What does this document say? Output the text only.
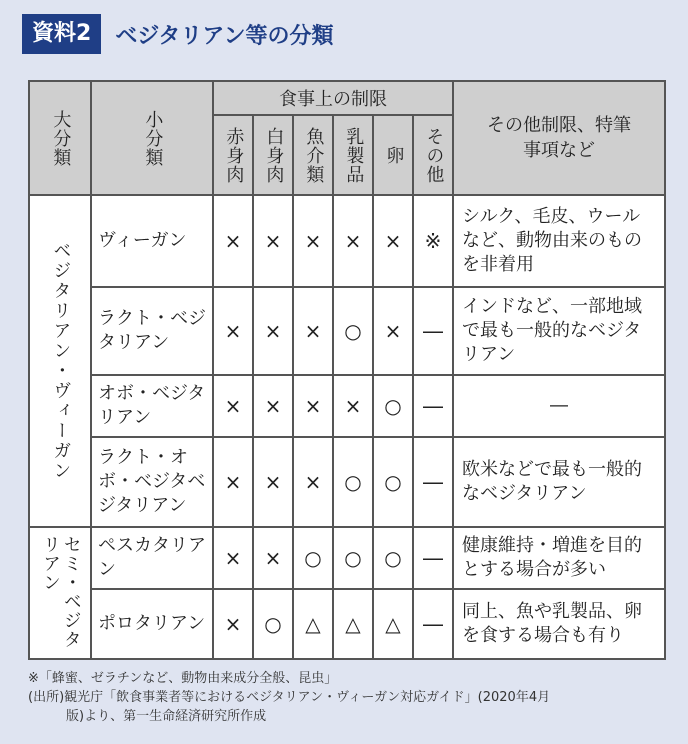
資料2	ベジタリアン等の分類
大分類	小分類	食事上の制限						その他制限、特筆事項など

		赤身肉	白身肉	魚介類	乳製品	卵	その他	

ベジタリアン・ヴィーガン	ヴィーガン	×	×	×	×	×	※	シルク、毛皮、ウールなど、動物由来のものを非着用
	ラクト・ベジタリアン	×	×	×	○	×	―	インドなど、一部地域で最も一般的なベジタリアン
	オボ・ベジタリアン	×	×	×	×	○	―	―
	ラクト・オボ・ベジタベジタリアン	×	×	×	○	○	―	欧米などで最も一般的なベジタリアン

セミ・ベジタリアン	ペスカタリアン	×	×	○	○	○	―	健康維持・増進を目的とする場合が多い
	ポロタリアン	×	○	△	△	△	―	同上、魚や乳製品、卵を食する場合も有り
※「蜂蜜、ゼラチンなど、動物由来成分全般、昆虫」
(出所)観光庁「飲食事業者等におけるベジタリアン・ヴィーガン対応ガイド」(2020年4月
版)より、第一生命経済研究所作成
